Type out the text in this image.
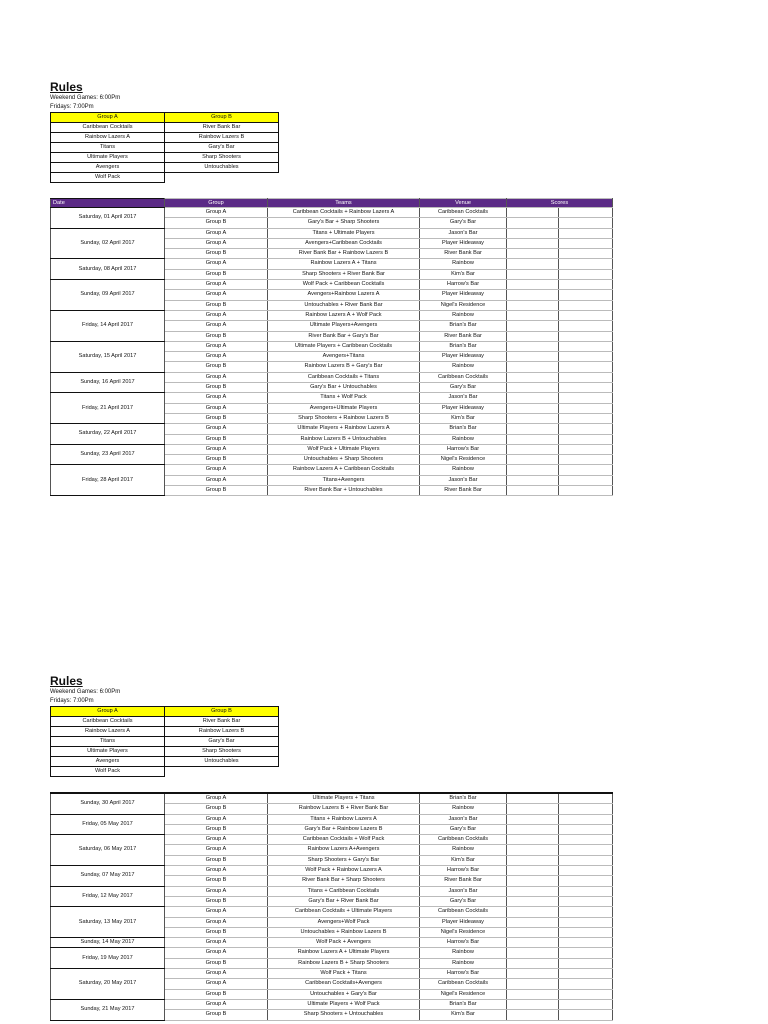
Rules
Weekend Games: 6:00Pm
Fridays: 7:00Pm
Group A	Group B
Caribbean Cocktails	River Bank Bar
Rainbow Lazers A	Rainbow Lazers B
Titans	Gary's Bar
Ultimate Players	Sharp Shooters
Avengers	Untouchables
Wolf Pack	
Date	Group	Teams	Venue	Scores	
Saturday, 01 April 2017	Group A	Caribbean Cocktails + Rainbow Lazers A	Caribbean Cocktails		
	Group B	Gary's Bar + Sharp Shooters	Gary's Bar		
Sunday, 02 April 2017	Group A	Titans + Ultimate Players	Jason's Bar		
	Group A	Avengers+Caribbean Cocktails	Player Hideaway		
	Group B	River Bank Bar + Rainbow Lazers B	River Bank Bar		
Saturday, 08 April 2017	Group A	Rainbow Lazers A + Titans	Rainbow		
	Group B	Sharp Shooters + River Bank Bar	Kim's Bar		
Sunday, 09 April 2017	Group A	Wolf Pack + Caribbean Cocktails	Harrow's Bar		
	Group A	Avengers+Rainbow Lazers A	Player Hideaway		
	Group B	Untouchables + River Bank Bar	Nigel's Residence		
Friday, 14 April 2017	Group A	Rainbow Lazers A + Wolf Pack	Rainbow		
	Group A	Ultimate Players+Avengers	Brian's Bar		
	Group B	River Bank Bar + Gary's Bar	River Bank Bar		
Saturday, 15 April 2017	Group A	Ultimate Players + Caribbean Cocktails	Brian's Bar		
	Group A	Avengers+Titans	Player Hideaway		
	Group B	Rainbow Lazers B + Gary's Bar	Rainbow		
Sunday, 16 April 2017	Group A	Caribbean Cocktails + Titans	Caribbean Cocktails		
	Group B	Gary's Bar + Untouchables	Gary's Bar		
Friday, 21 April 2017	Group A	Titans + Wolf Pack	Jason's Bar		
	Group A	Avengers+Ultimate Players	Player Hideaway		
	Group B	Sharp Shooters + Rainbow Lazers B	Kim's Bar		
Saturday, 22 April 2017	Group A	Ultimate Players + Rainbow Lazers A	Brian's Bar		
	Group B	Rainbow Lazers B + Untouchables	Rainbow		
Sunday, 23 April 2017	Group A	Wolf Pack + Ultimate Players	Harrow's Bar		
	Group B	Untouchables + Sharp Shooters	Nigel's Residence		
Friday, 28 April 2017	Group A	Rainbow Lazers A + Caribbean Cocktails	Rainbow		
	Group A	Titans+Avengers	Jason's Bar		
	Group B	River Bank Bar + Untouchables	River Bank Bar		
Rules
Weekend Games: 6:00Pm
Fridays: 7:00Pm
Group A	Group B
Caribbean Cocktails	River Bank Bar
Rainbow Lazers A	Rainbow Lazers B
Titans	Gary's Bar
Ultimate Players	Sharp Shooters
Avengers	Untouchables
Wolf Pack	
Sunday, 30 April 2017	Group A	Ultimate Players + Titans	Brian's Bar		
	Group B	Rainbow Lazers B + River Bank Bar	Rainbow		
Friday, 05 May 2017	Group A	Titans + Rainbow Lazers A	Jason's Bar		
	Group B	Gary's Bar + Rainbow Lazers B	Gary's Bar		
Saturday, 06 May 2017	Group A	Caribbean Cocktails + Wolf Pack	Caribbean Cocktails		
	Group A	Rainbow Lazers A+Avengers	Rainbow		
	Group B	Sharp Shooters + Gary's Bar	Kim's Bar		
Sunday, 07 May 2017	Group A	Wolf Pack + Rainbow Lazers A	Harrow's Bar		
	Group B	River Bank Bar + Sharp Shooters	River Bank Bar		
Friday, 12 May 2017	Group A	Titans + Caribbean Cocktails	Jason's Bar		
	Group B	Gary's Bar + River Bank Bar	Gary's Bar		
Saturday, 13 May 2017	Group A	Caribbean Cocktails + Ultimate Players	Caribbean Cocktails		
	Group A	Avengers+Wolf Pack	Player Hideaway		
	Group B	Untouchables + Rainbow Lazers B	Nigel's Residence		
Sunday, 14 May 2017	Group A	Wolf Pack + Avengers	Harrow's Bar		
Friday, 19 May 2017	Group A	Rainbow Lazers A + Ultimate Players	Rainbow		
	Group B	Rainbow Lazers B + Sharp Shooters	Rainbow		
Saturday, 20 May 2017	Group A	Wolf Pack + Titans	Harrow's Bar		
	Group A	Caribbean Cocktails+Avengers	Caribbean Cocktails		
	Group B	Untouchables + Gary's Bar	Nigel's Residence		
Sunday, 21 May 2017	Group A	Ultimate Players + Wolf Pack	Brian's Bar		
	Group B	Sharp Shooters + Untouchables	Kim's Bar		
